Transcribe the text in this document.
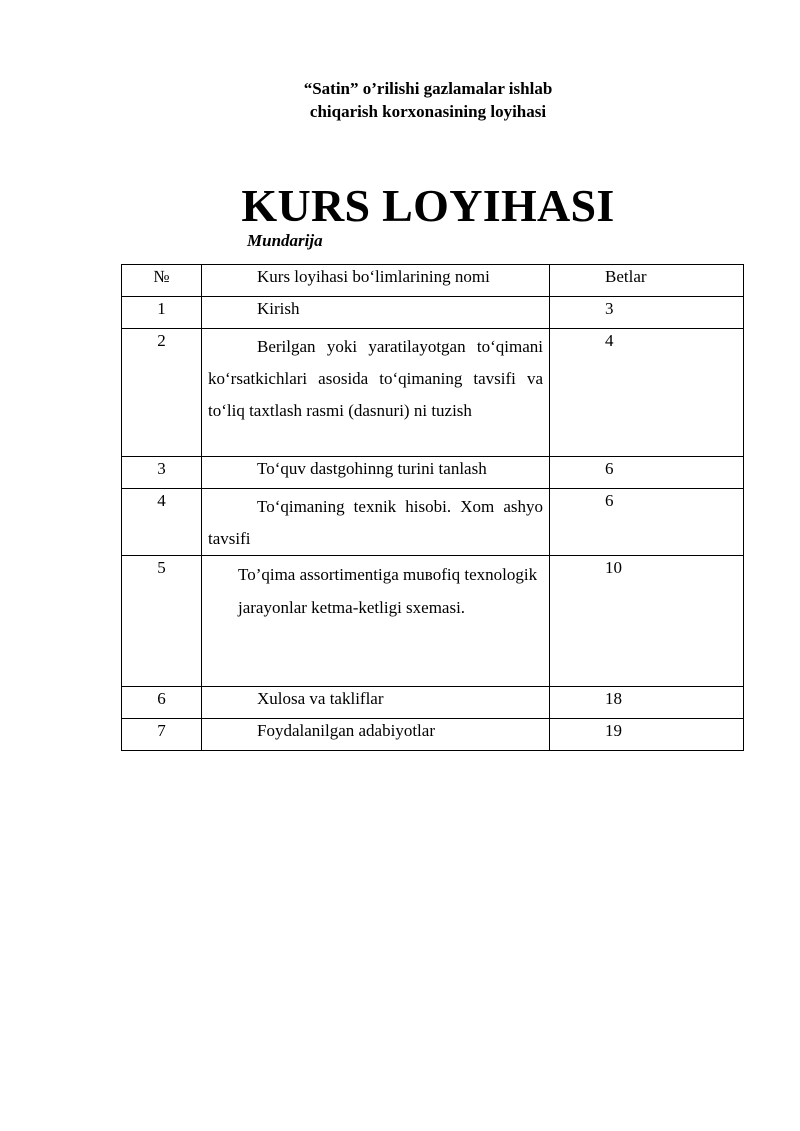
“Satin” o’rilishi gazlamalar ishlab
chiqarish korxonasining loyihasi
KURS LOYIHASI
Mundarija
№	Kurs loyihasi bo‘limlarining nomi	Betlar
1	Kirish	3
2	Berilgan yoki yaratilayotgan to‘qimani ko‘rsatkichlari asosida to‘qimaning tavsifi va to‘liq taxtlash rasmi (dasnuri) ni tuzish	4
3	To‘quv dastgohinng turini tanlash	6
4	To‘qimaning texnik hisobi. Xom ashyo tavsifi	6
5	To’qima assortimentiga muвofiq texnologik jarayonlar ketma-ketligi sxemasi.	10
6	Xulosa va takliflar	18
7	Foydalanilgan adabiyotlar	19
